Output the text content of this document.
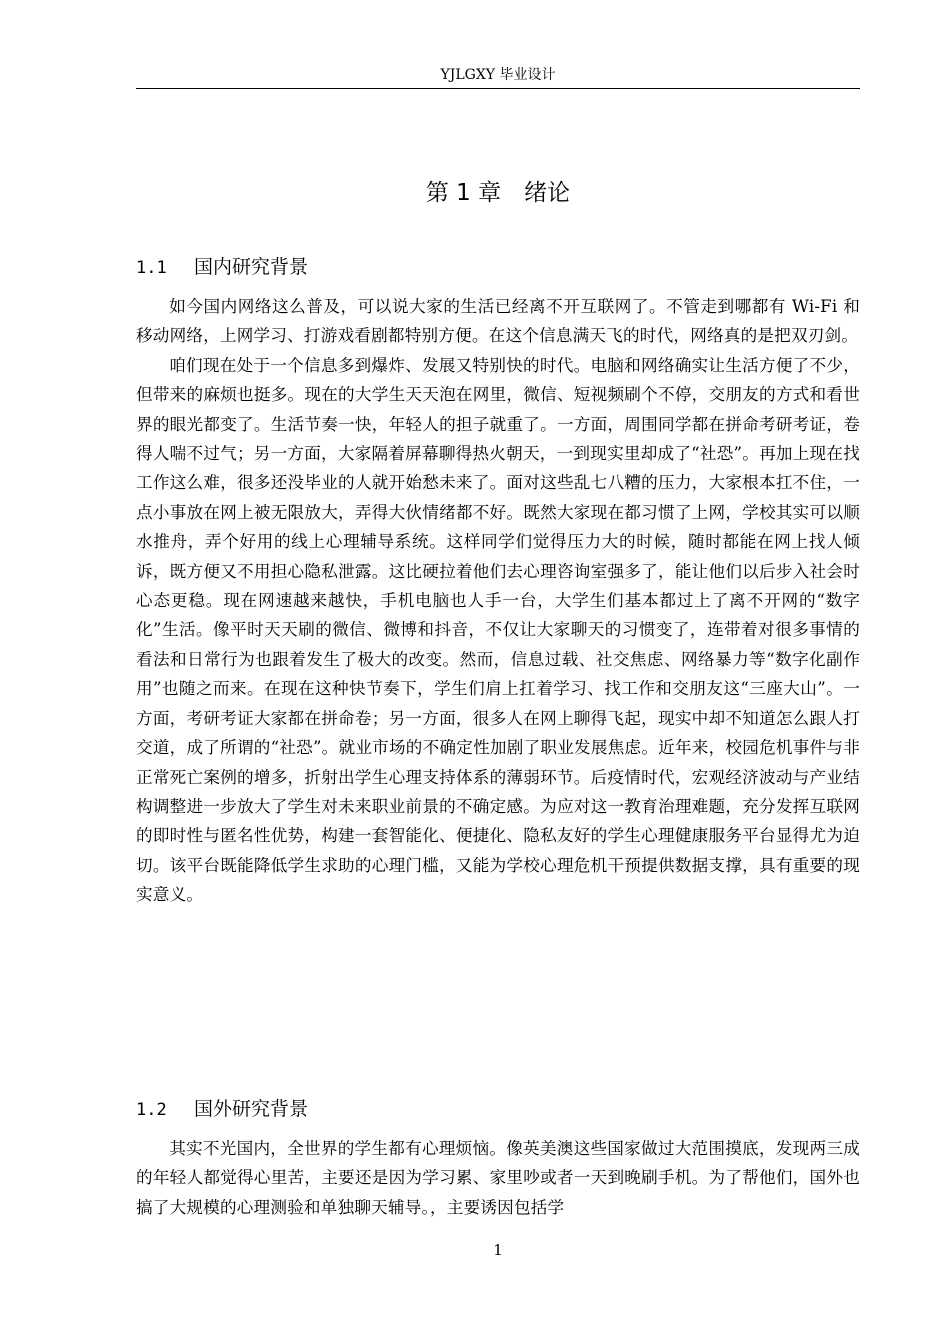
YJLGXY 毕业设计
第 1 章　绪论
1.1 国内研究背景

如今国内网络这么普及，可以说大家的生活已经离不开互联网了。不管走到哪都有 Wi-Fi 和移动网络，上网学习、打游戏看剧都特别方便。在这个信息满天飞的时代，网络真的是把双刃剑。

咱们现在处于一个信息多到爆炸、发展又特别快的时代。电脑和网络确实让生活方便了不少，但带来的麻烦也挺多。现在的大学生天天泡在网里，微信、短视频刷个不停，交朋友的方式和看世界的眼光都变了。生活节奏一快，年轻人的担子就重了。一方面，周围同学都在拼命考研考证，卷得人喘不过气；另一方面，大家隔着屏幕聊得热火朝天，一到现实里却成了“社恐”。再加上现在找工作这么难，很多还没毕业的人就开始愁未来了。面对这些乱七八糟的压力，大家根本扛不住，一点小事放在网上被无限放大，弄得大伙情绪都不好。既然大家现在都习惯了上网，学校其实可以顺水推舟，弄个好用的线上心理辅导系统。这样同学们觉得压力大的时候，随时都能在网上找人倾诉，既方便又不用担心隐私泄露。这比硬拉着他们去心理咨询室强多了，能让他们以后步入社会时心态更稳。现在网速越来越快，手机电脑也人手一台，大学生们基本都过上了离不开网的“数字化”生活。像平时天天刷的微信、微博和抖音，不仅让大家聊天的习惯变了，连带着对很多事情的看法和日常行为也跟着发生了极大的改变。然而，信息过载、社交焦虑、网络暴力等“数字化副作用”也随之而来。在现在这种快节奏下，学生们肩上扛着学习、找工作和交朋友这“三座大山”。一方面，考研考证大家都在拼命卷；另一方面，很多人在网上聊得飞起，现实中却不知道怎么跟人打交道，成了所谓的“社恐”。就业市场的不确定性加剧了职业发展焦虑。近年来，校园危机事件与非正常死亡案例的增多，折射出学生心理支持体系的薄弱环节。后疫情时代，宏观经济波动与产业结构调整进一步放大了学生对未来职业前景的不确定感。为应对这一教育治理难题，充分发挥互联网的即时性与匿名性优势，构建一套智能化、便捷化、隐私友好的学生心理健康服务平台显得尤为迫切。该平台既能降低学生求助的心理门槛，又能为学校心理危机干预提供数据支撑，具有重要的现实意义。

1.2 国外研究背景

其实不光国内，全世界的学生都有心理烦恼。像英美澳这些国家做过大范围摸底，发现两三成的年轻人都觉得心里苦，主要还是因为学习累、家里吵或者一天到晚刷手机。为了帮他们，国外也搞了大规模的心理测验和单独聊天辅导。，主要诱因包括学

1
